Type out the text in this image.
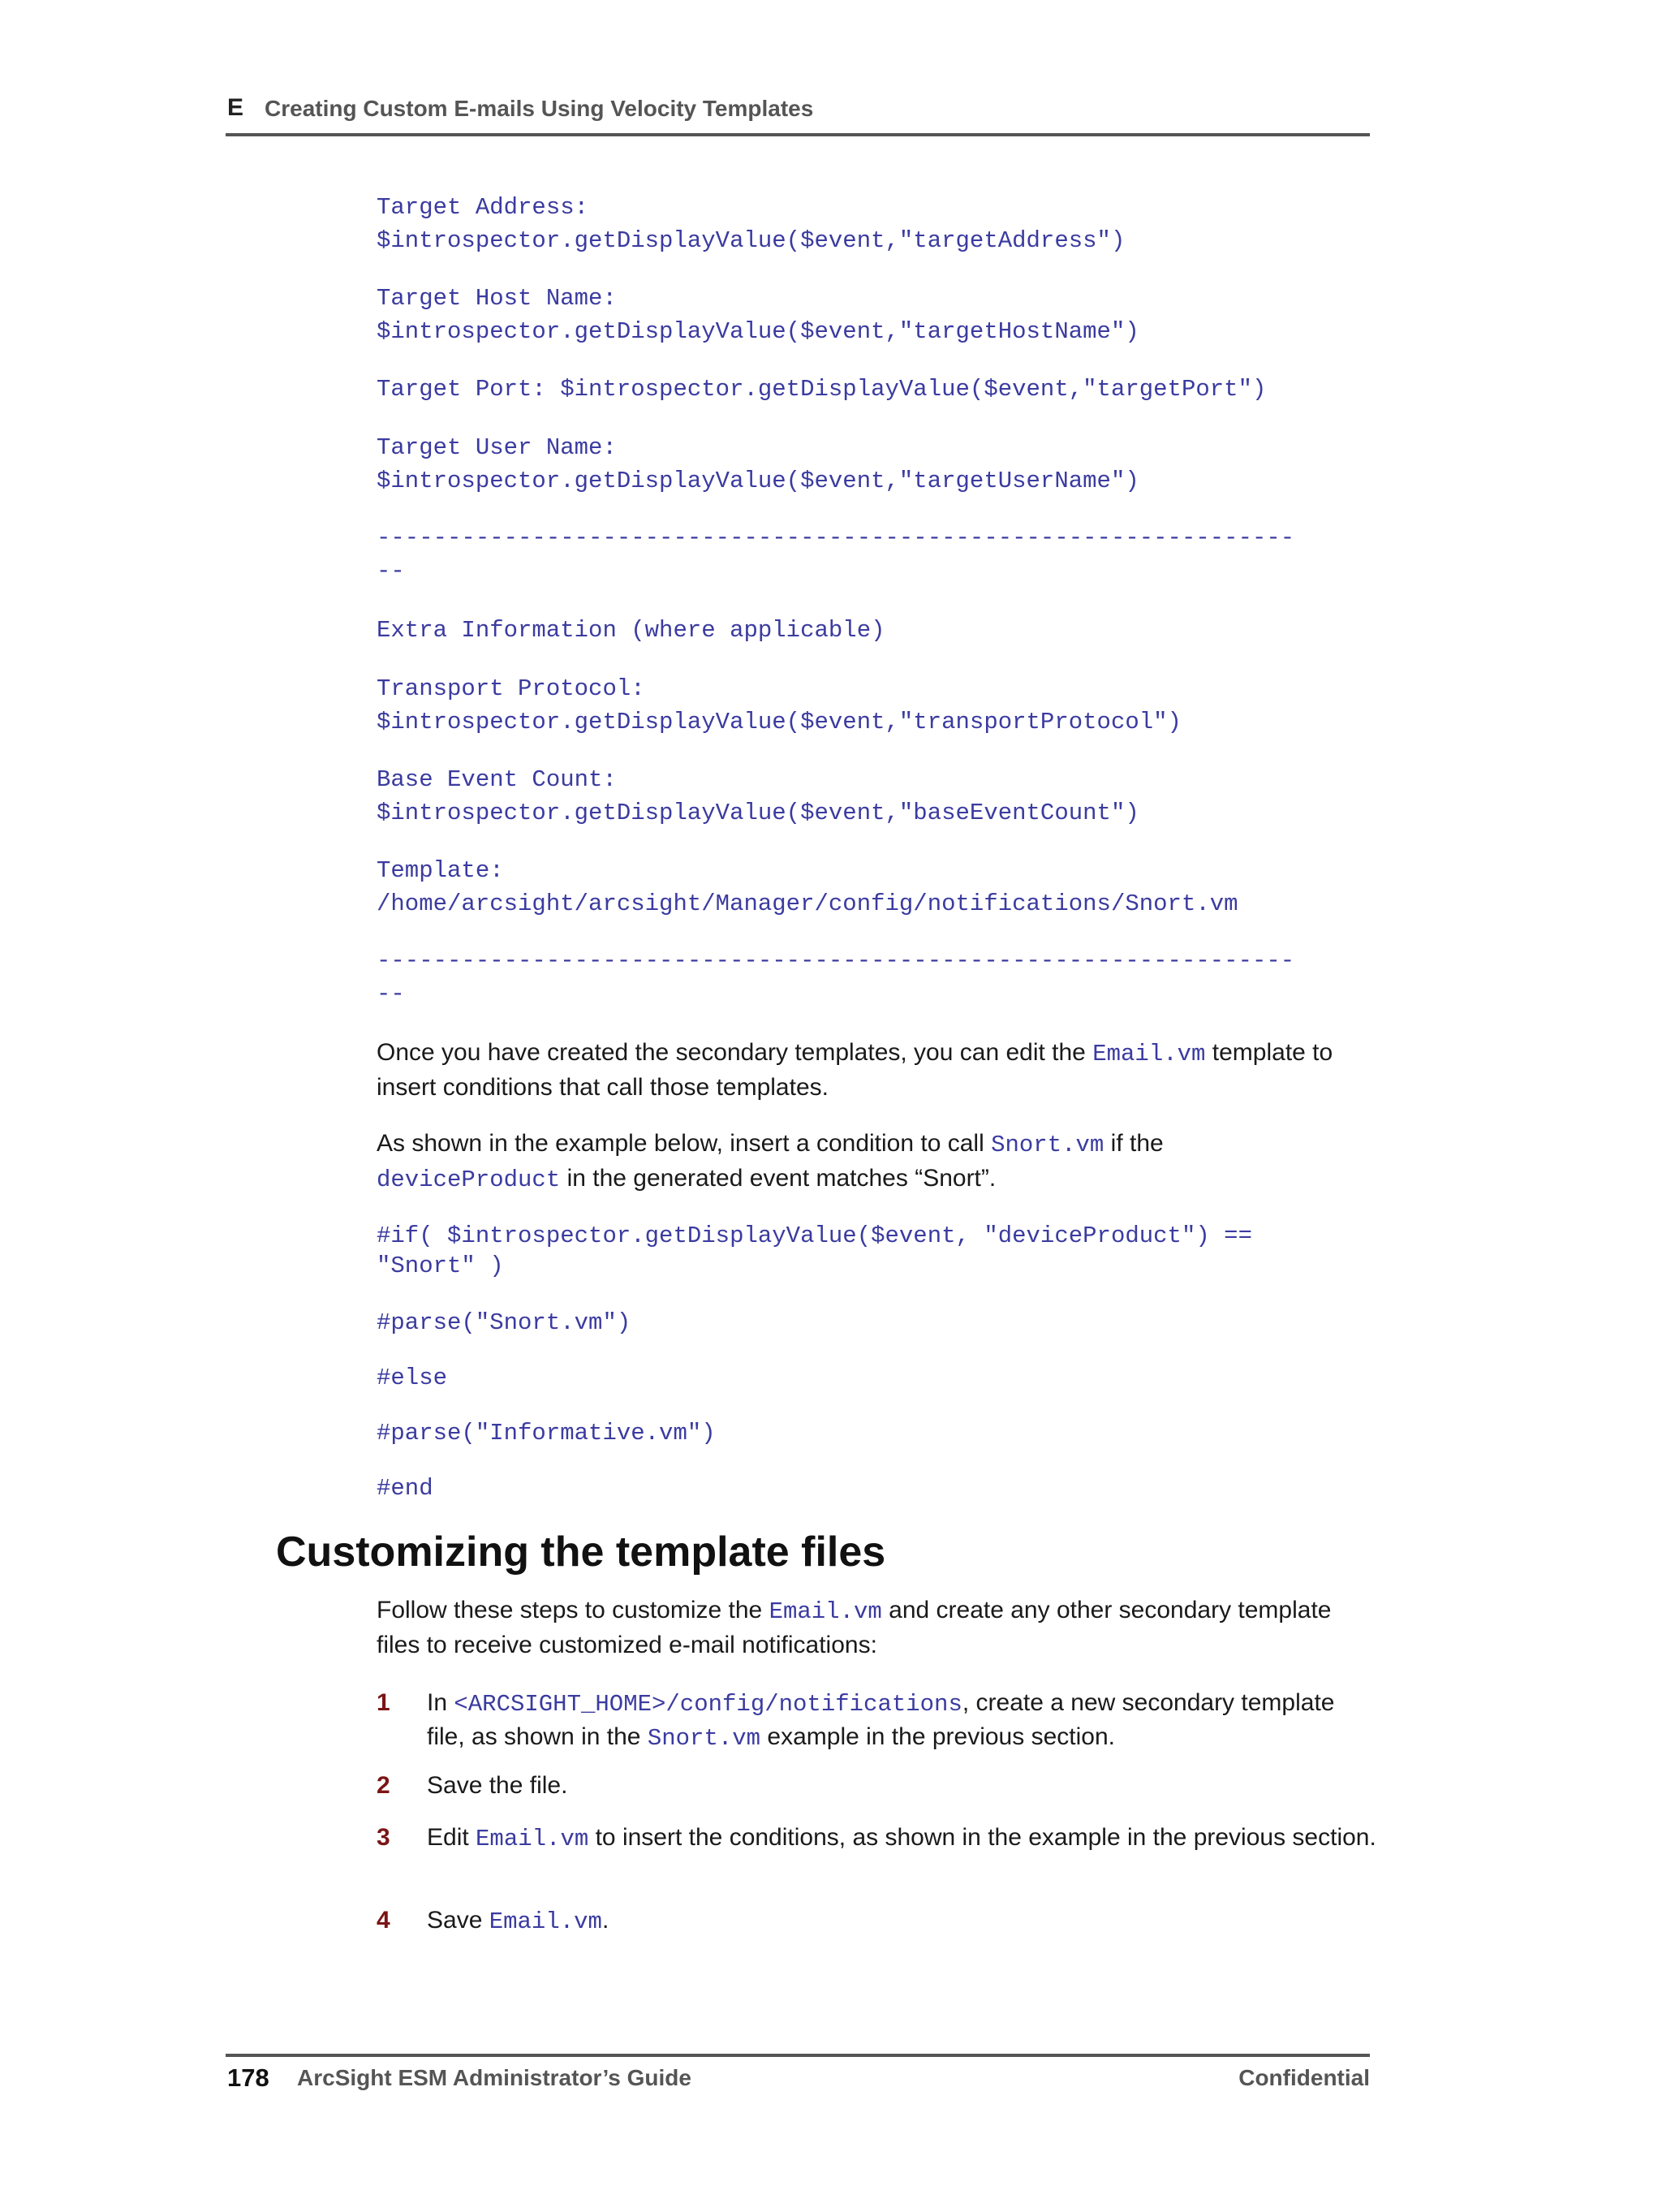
E Creating Custom E-mails Using Velocity Templates
Target Address:
$introspector.getDisplayValue($event,"targetAddress")
Target Host Name:
$introspector.getDisplayValue($event,"targetHostName")
Target Port: $introspector.getDisplayValue($event,"targetPort")
Target User Name:
$introspector.getDisplayValue($event,"targetUserName")
-----------------------------------------------------------------
--
Extra Information (where applicable)
Transport Protocol:
$introspector.getDisplayValue($event,"transportProtocol")
Base Event Count:
$introspector.getDisplayValue($event,"baseEventCount")
Template:
/home/arcsight/arcsight/Manager/config/notifications/Snort.vm
-----------------------------------------------------------------
--
Once you have created the secondary templates, you can edit the Email.vm template to insert conditions that call those templates.
As shown in the example below, insert a condition to call Snort.vm if the
deviceProduct in the generated event matches “Snort”.
#if( $introspector.getDisplayValue($event, "deviceProduct") ==
"Snort" )
#parse("Snort.vm")
#else
#parse("Informative.vm")
#end
Customizing the template files
Follow these steps to customize the Email.vm and create any other secondary template files to receive customized e-mail notifications:
1 In <ARCSIGHT_HOME>/config/notifications, create a new secondary template file, as shown in the Snort.vm example in the previous section.
2 Save the file.
3 Edit Email.vm to insert the conditions, as shown in the example in the previous section.
4 Save Email.vm.
178 ArcSight ESM Administrator’s Guide	Confidential
